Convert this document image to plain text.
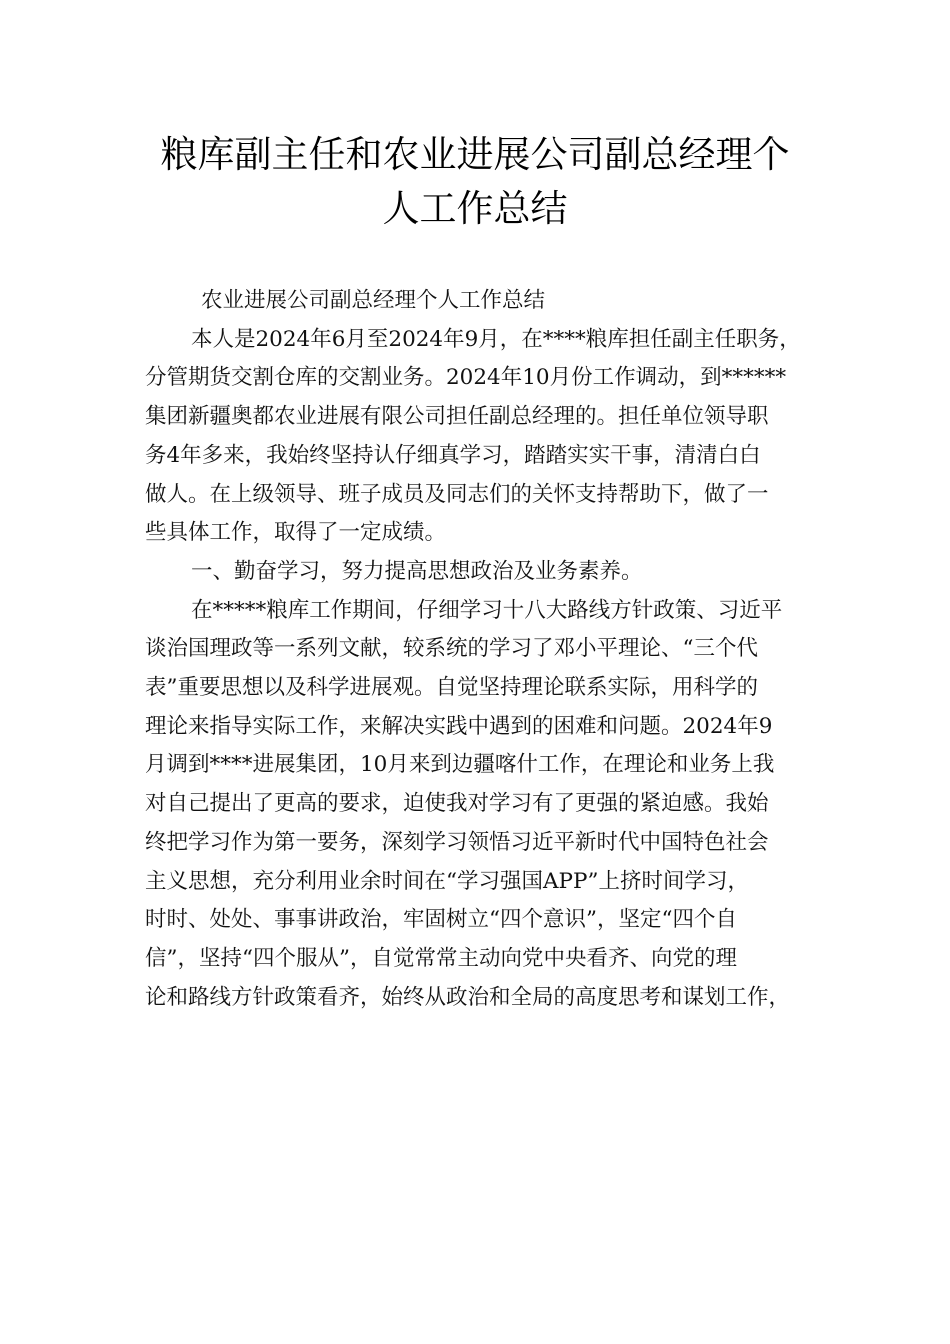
粮库副主任和农业进展公司副总经理个
人工作总结

农业进展公司副总经理个人工作总结

本人是2024年6月至2024年9月，在****粮库担任副主任职务，
分管期货交割仓库的交割业务。2024年10月份工作调动，到******
集团新疆奥都农业进展有限公司担任副总经理的。担任单位领导职
务4年多来，我始终坚持认仔细真学习，踏踏实实干事，清清白白
做人。在上级领导、班子成员及同志们的关怀支持帮助下，做了一
些具体工作，取得了一定成绩。

一、勤奋学习，努力提高思想政治及业务素养。

在*****粮库工作期间，仔细学习十八大路线方针政策、习近平
谈治国理政等一系列文献，较系统的学习了邓小平理论、“三个代
表”重要思想以及科学进展观。自觉坚持理论联系实际，用科学的
理论来指导实际工作，来解决实践中遇到的困难和问题。2024年9
月调到****进展集团，10月来到边疆喀什工作，在理论和业务上我
对自己提出了更高的要求，迫使我对学习有了更强的紧迫感。我始
终把学习作为第一要务，深刻学习领悟习近平新时代中国特色社会
主义思想，充分利用业余时间在“学习强国APP”上挤时间学习，
时时、处处、事事讲政治，牢固树立“四个意识”，坚定“四个自
信”，坚持“四个服从”，自觉常常主动向党中央看齐、向党的理
论和路线方针政策看齐，始终从政治和全局的高度思考和谋划工作，
